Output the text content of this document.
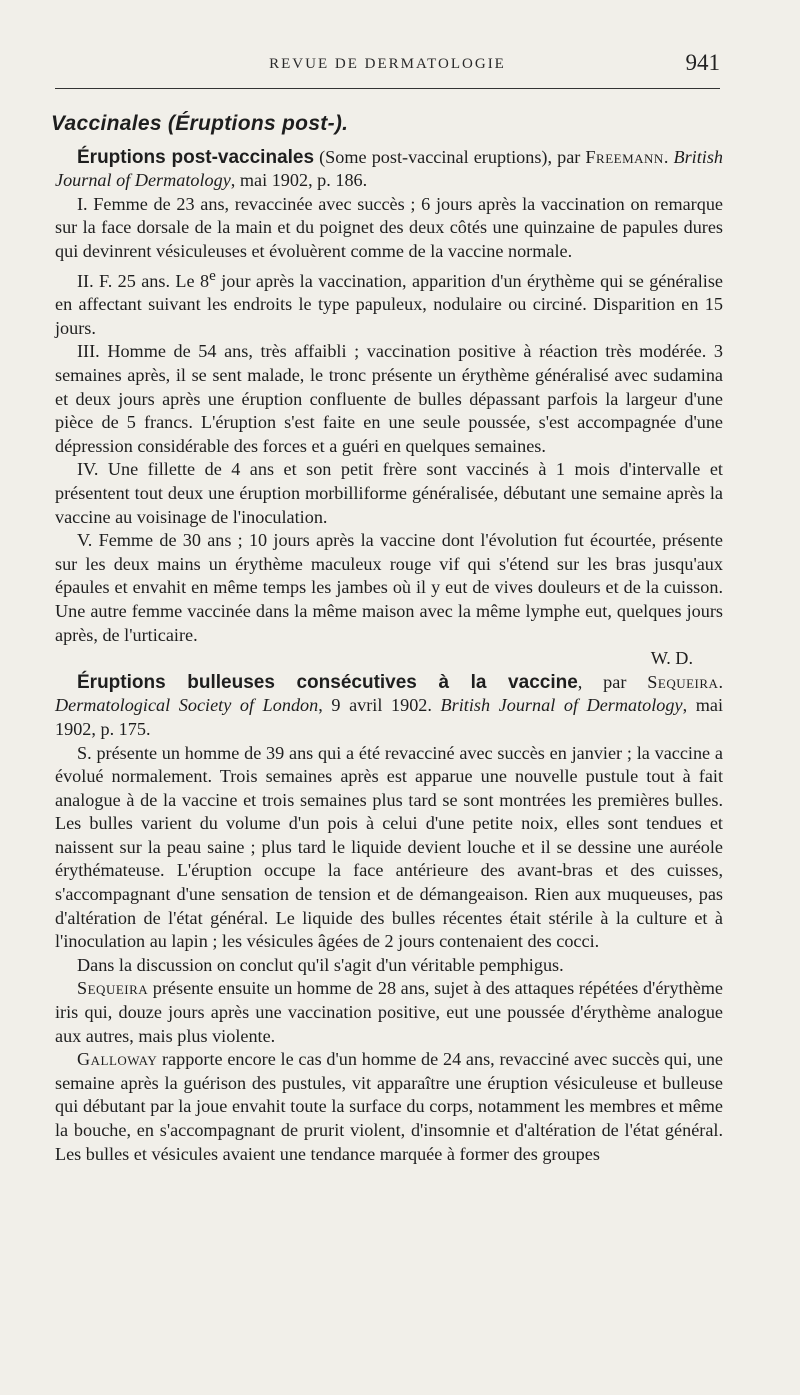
REVUE DE DERMATOLOGIE	941
Vaccinales (Éruptions post-).

Éruptions post-vaccinales (Some post-vaccinal eruptions), par Freemann. British Journal of Dermatology, mai 1902, p. 186.

I. Femme de 23 ans, revaccinée avec succès ; 6 jours après la vaccination on remarque sur la face dorsale de la main et du poignet des deux côtés une quinzaine de papules dures qui devinrent vésiculeuses et évoluèrent comme de la vaccine normale.

II. F. 25 ans. Le 8e jour après la vaccination, apparition d'un érythème qui se généralise en affectant suivant les endroits le type papuleux, nodulaire ou circiné. Disparition en 15 jours.

III. Homme de 54 ans, très affaibli ; vaccination positive à réaction très modérée. 3 semaines après, il se sent malade, le tronc présente un érythème généralisé avec sudamina et deux jours après une éruption confluente de bulles dépassant parfois la largeur d'une pièce de 5 francs. L'éruption s'est faite en une seule poussée, s'est accompagnée d'une dépression considérable des forces et a guéri en quelques semaines.

IV. Une fillette de 4 ans et son petit frère sont vaccinés à 1 mois d'intervalle et présentent tout deux une éruption morbilliforme généralisée, débutant une semaine après la vaccine au voisinage de l'inoculation.

V. Femme de 30 ans ; 10 jours après la vaccine dont l'évolution fut écourtée, présente sur les deux mains un érythème maculeux rouge vif qui s'étend sur les bras jusqu'aux épaules et envahit en même temps les jambes où il y eut de vives douleurs et de la cuisson. Une autre femme vaccinée dans la même maison avec la même lymphe eut, quelques jours après, de l'urticaire.

W. D.

Éruptions bulleuses consécutives à la vaccine, par Sequeira. Dermatological Society of London, 9 avril 1902. British Journal of Dermatology, mai 1902, p. 175.

S. présente un homme de 39 ans qui a été revacciné avec succès en janvier ; la vaccine a évolué normalement. Trois semaines après est apparue une nouvelle pustule tout à fait analogue à de la vaccine et trois semaines plus tard se sont montrées les premières bulles. Les bulles varient du volume d'un pois à celui d'une petite noix, elles sont tendues et naissent sur la peau saine ; plus tard le liquide devient louche et il se dessine une auréole érythémateuse. L'éruption occupe la face antérieure des avant-bras et des cuisses, s'accompagnant d'une sensation de tension et de démangeaison. Rien aux muqueuses, pas d'altération de l'état général. Le liquide des bulles récentes était stérile à la culture et à l'inoculation au lapin ; les vésicules âgées de 2 jours contenaient des cocci.

Dans la discussion on conclut qu'il s'agit d'un véritable pemphigus.

Sequeira présente ensuite un homme de 28 ans, sujet à des attaques répétées d'érythème iris qui, douze jours après une vaccination positive, eut une poussée d'érythème analogue aux autres, mais plus violente.

Galloway rapporte encore le cas d'un homme de 24 ans, revacciné avec succès qui, une semaine après la guérison des pustules, vit apparaître une éruption vésiculeuse et bulleuse qui débutant par la joue envahit toute la surface du corps, notamment les membres et même la bouche, en s'accompagnant de prurit violent, d'insomnie et d'altération de l'état général. Les bulles et vésicules avaient une tendance marquée à former des groupes
